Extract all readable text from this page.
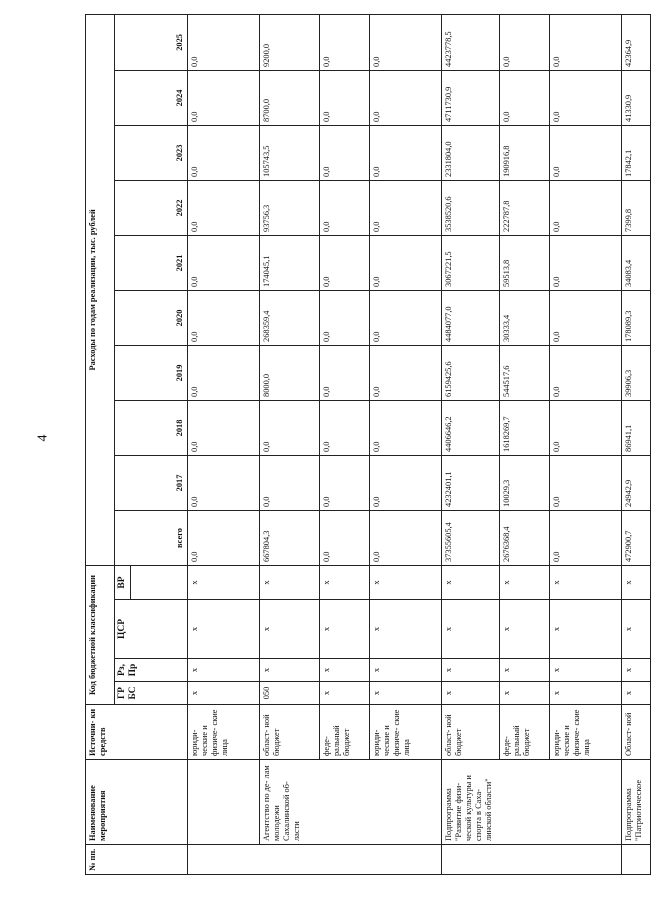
4
№ пп.	Наименование мероприятия	Источни- ки средств	Код бюджетной классификации				Расходы по годам реализации, тыс. рублей									
			ГР БС	Рз, Пр	ЦСР	ВР	всего	2017	2018	2019	2020	2021	2022	2023	2024	2025

		юриди- ческие и физиче- ские лица	х	х	х	х	0,0	0,0	0,0	0,0	0,0	0,0	0,0	0,0	0,0	0,0
	Агентство по де- лам молодежи Сахалинской об- ласти	област- ной бюджет	050	х	х	х	667804,3	0,0	0,0	8000,0	268359,4	174045,1	93756,3	105743,5	8700,0	9200,0
		феде- ральный бюджет	х	х	х	х	0,0	0,0	0,0	0,0	0,0	0,0	0,0	0,0	0,0	0,0
		юриди- ческие и физиче- ские лица	х	х	х	х	0,0	0,0	0,0	0,0	0,0	0,0	0,0	0,0	0,0	0,0
	Подпрограмма "Развитие физи- ческой культуры и спорта в Саха- линской области"	област- ной бюджет	х	х	х	х	37355605,4	4232401,1	4406646,2	6159425,6	4484077,0	3067221,5	3538520,6	2331804,0	4711730,9	4423778,5
		феде- ральный бюджет	х	х	х	х	2676368,4	10029,3	1618269,7	544517,6	30333,4	59513,8	222787,8	190916,8	0,0	0,0
		юриди- ческие и физиче- ские лица	х	х	х	х	0,0	0,0	0,0	0,0	0,0	0,0	0,0	0,0	0,0	0,0
	Подпрограмма "Патриотическое	Област- ной	х	х	х	х	472900,7	24942,9	86941,1	39906,3	178089,3	34083,4	7399,8	17842,1	41330,9	42364,9
